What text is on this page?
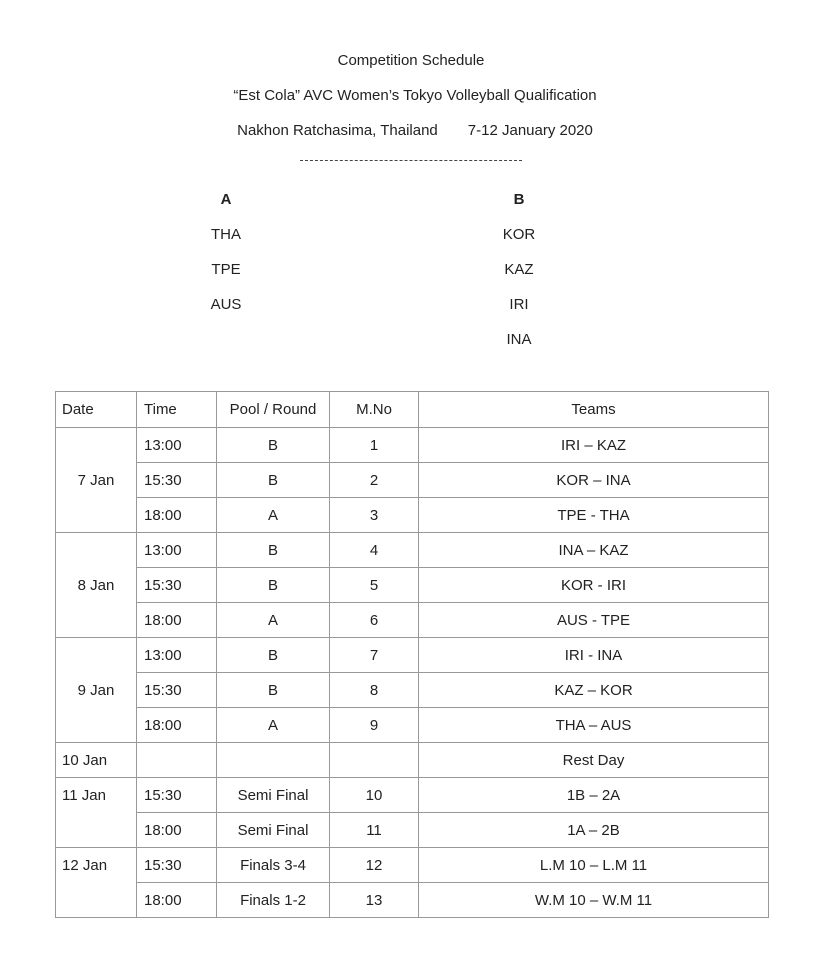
Competition Schedule
“Est Cola” AVC Women’s Tokyo Volleyball Qualification
Nakhon Ratchasima, Thailand 7-12 January 2020
A
THA
TPE
AUS
B
KOR
KAZ
IRI
INA
Date	Time	Pool / Round	M.No	Teams
	13:00	B	1	IRI – KAZ
7 Jan	15:30	B	2	KOR – INA
	18:00	A	3	TPE - THA
	13:00	B	4	INA – KAZ
8 Jan	15:30	B	5	KOR - IRI
	18:00	A	6	AUS - TPE
	13:00	B	7	IRI - INA
9 Jan	15:30	B	8	KAZ – KOR
	18:00	A	9	THA – AUS
10 Jan				Rest Day
11 Jan	15:30	Semi Final	10	1B – 2A
	18:00	Semi Final	11	1A – 2B
12 Jan	15:30	Finals 3-4	12	L.M 10 – L.M 11
	18:00	Finals 1-2	13	W.M 10 – W.M 11
